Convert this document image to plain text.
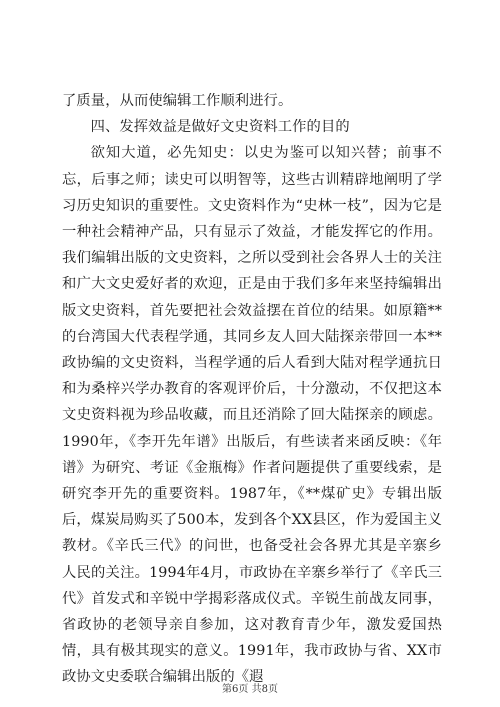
了质量，从而使编辑工作顺利进行。

四、发挥效益是做好文史资料工作的目的

欲知大道，必先知史：以史为鉴可以知兴替；前事不忘，后事之师；读史可以明智等，这些古训精辟地阐明了学习历史知识的重要性。文史资料作为“史林一枝”，因为它是一种社会精神产品，只有显示了效益，才能发挥它的作用。我们编辑出版的文史资料，之所以受到社会各界人士的关注和广大文史爱好者的欢迎，正是由于我们多年来坚持编辑出版文史资料，首先要把社会效益摆在首位的结果。如原籍**的台湾国大代表程学通，其同乡友人回大陆探亲带回一本**政协编的文史资料，当程学通的后人看到大陆对程学通抗日和为桑梓兴学办教育的客观评价后，十分激动，不仅把这本文史资料视为珍品收藏，而且还消除了回大陆探亲的顾虑。1990年，《李开先年谱》出版后，有些读者来函反映：《年谱》为研究、考证《金瓶梅》作者问题提供了重要线索，是研究李开先的重要资料。1987年，《**煤矿史》专辑出版后，煤炭局购买了500本，发到各个XX县区，作为爱国主义教材。《辛氏三代》的问世，也备受社会各界尤其是辛寨乡人民的关注。1994年4月，市政协在辛寨乡举行了《辛氏三代》首发式和辛锐中学揭彩落成仪式。辛锐生前战友同事，省政协的老领导亲自参加，这对教育青少年，激发爱国热情，具有极其现实的意义。1991年，我市政协与省、XX市政协文史委联合编辑出版的《遐

第6页 共8页
